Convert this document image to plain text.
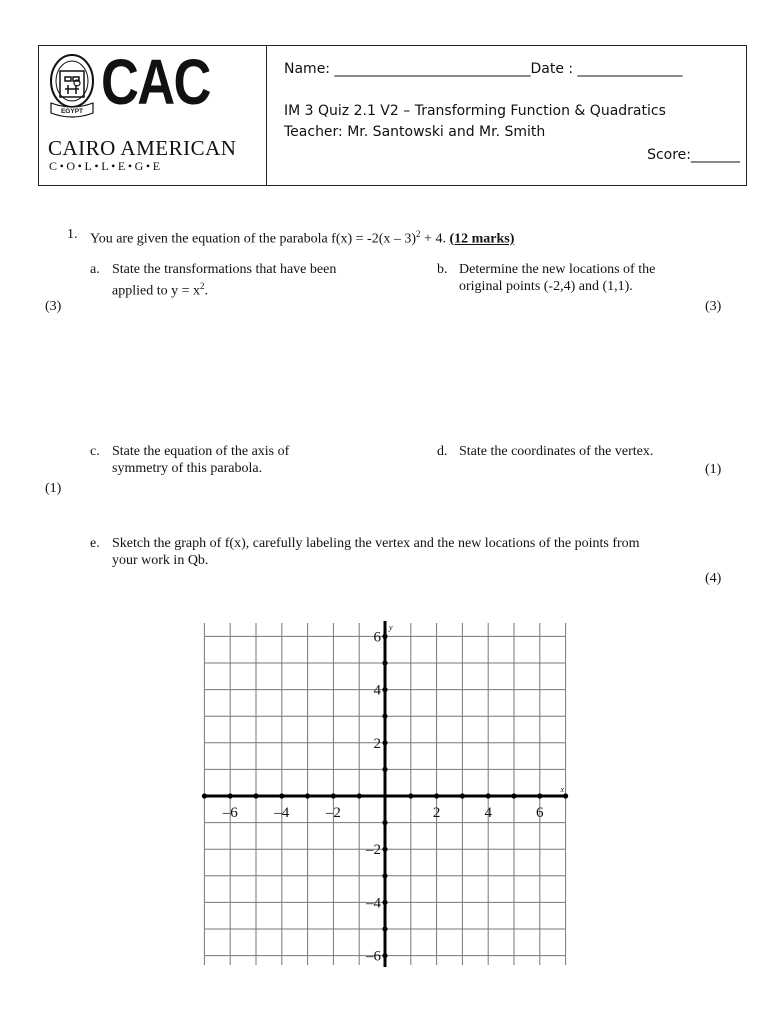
EGYPT CAC
CAIRO AMERICAN
C•O•L•L•E•G•E
Name: ____________________________Date : _______________
IM 3 Quiz 2.1 V2 – Transforming Function & Quadratics
Teacher: Mr. Santowski and Mr. Smith
Score:_______
1. You are given the equation of the parabola f(x) = -2(x – 3)$^2$ + 4. (12 marks)
a. State the transformations that have been
applied to $y = x^2$.
(3)
b. Determine the new locations of the
original points (-2,4) and (1,1).
(3)
c. State the equation of the axis of
symmetry of this parabola.
(1)
d. State the coordinates of the vertex.
(1)
e. Sketch the graph of f(x), carefully labeling the vertex and the new locations of the points from
your work in Qb.
(4)
–6 –4 –2	2	4	6
6
4
2
–2
–4
–6
x
y
